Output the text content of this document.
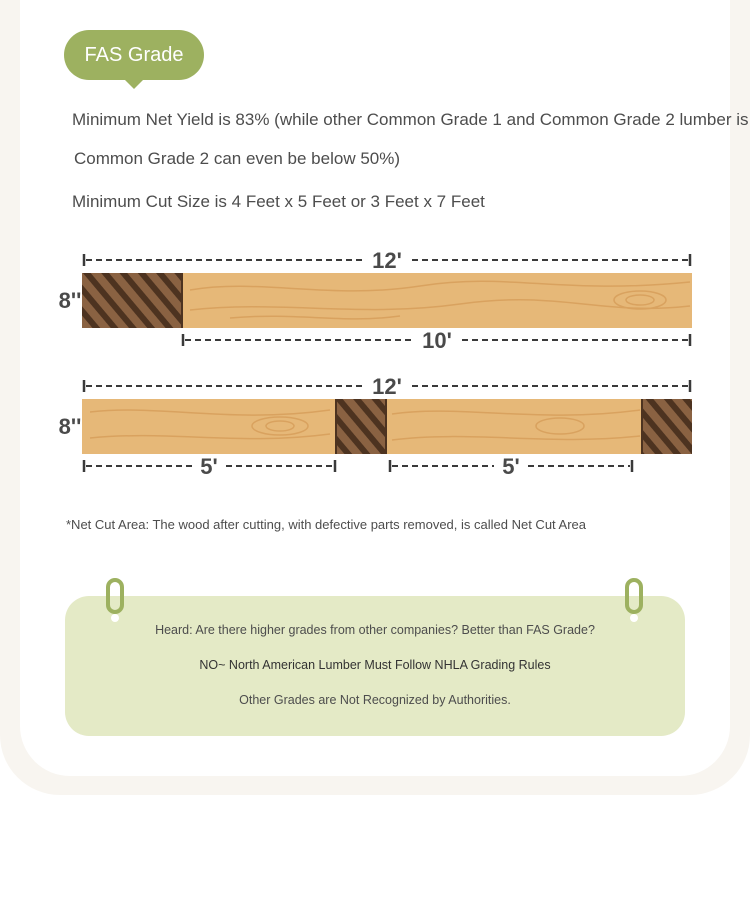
FAS Grade
Minimum Net Yield is 83% (while other Common Grade 1 and Common Grade 2 lumber is
Common Grade 2 can even be below 50%)
Minimum Cut Size is 4 Feet x 5 Feet or 3 Feet x 7 Feet
12'
8''
10'
12'
8''
5'	5'
*Net Cut Area: The wood after cutting, with defective parts removed, is called Net Cut Area
Heard: Are there higher grades from other companies? Better than FAS Grade?
NO~ North American Lumber Must Follow NHLA Grading Rules
Other Grades are Not Recognized by Authorities.
